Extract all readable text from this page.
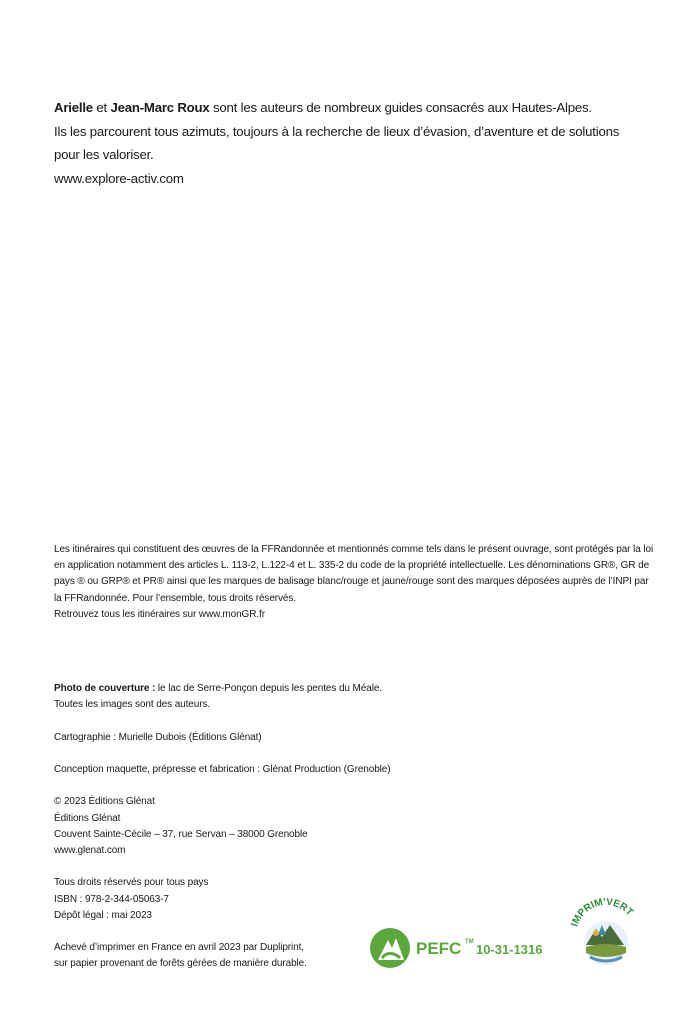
Arielle et Jean-Marc Roux sont les auteurs de nombreux guides consacrés aux Hautes-Alpes.
Ils les parcourent tous azimuts, toujours à la recherche de lieux d’évasion, d’aventure et de solutions
pour les valoriser.
www.explore-activ.com
Les itinéraires qui constituent des œuvres de la FFRandonnée et mentionnés comme tels dans le présent ouvrage, sont protégés par la loi
en application notamment des articles L. 113-2, L.122-4 et L. 335-2 du code de la propriété intellectuelle. Les dénominations GR®, GR de
pays ® ou GRP® et PR® ainsi que les marques de balisage blanc/rouge et jaune/rouge sont des marques déposées auprès de l’INPI par
la FFRandonnée. Pour l’ensemble, tous droits réservés.
Retrouvez tous les itinéraires sur www.monGR.fr
Photo de couverture : le lac de Serre-Ponçon depuis les pentes du Méale.
Toutes les images sont des auteurs.
Cartographie : Murielle Dubois (Éditions Glénat)
Conception maquette, prépresse et fabrication : Glénat Production (Grenoble)
© 2023 Éditions Glénat
Éditions Glénat
Couvent Sainte-Cécile – 37, rue Servan – 38000 Grenoble
www.glenat.com
Tous droits réservés pour tous pays
ISBN : 978-2-344-05063-7
Dépôt légal : mai 2023
Achevé d’imprimer en France en avril 2023 par Dupliprint,
sur papier provenant de forêts gérées de manière durable.
PEFC TM 10-31-1316
IMPRIM’VERT
